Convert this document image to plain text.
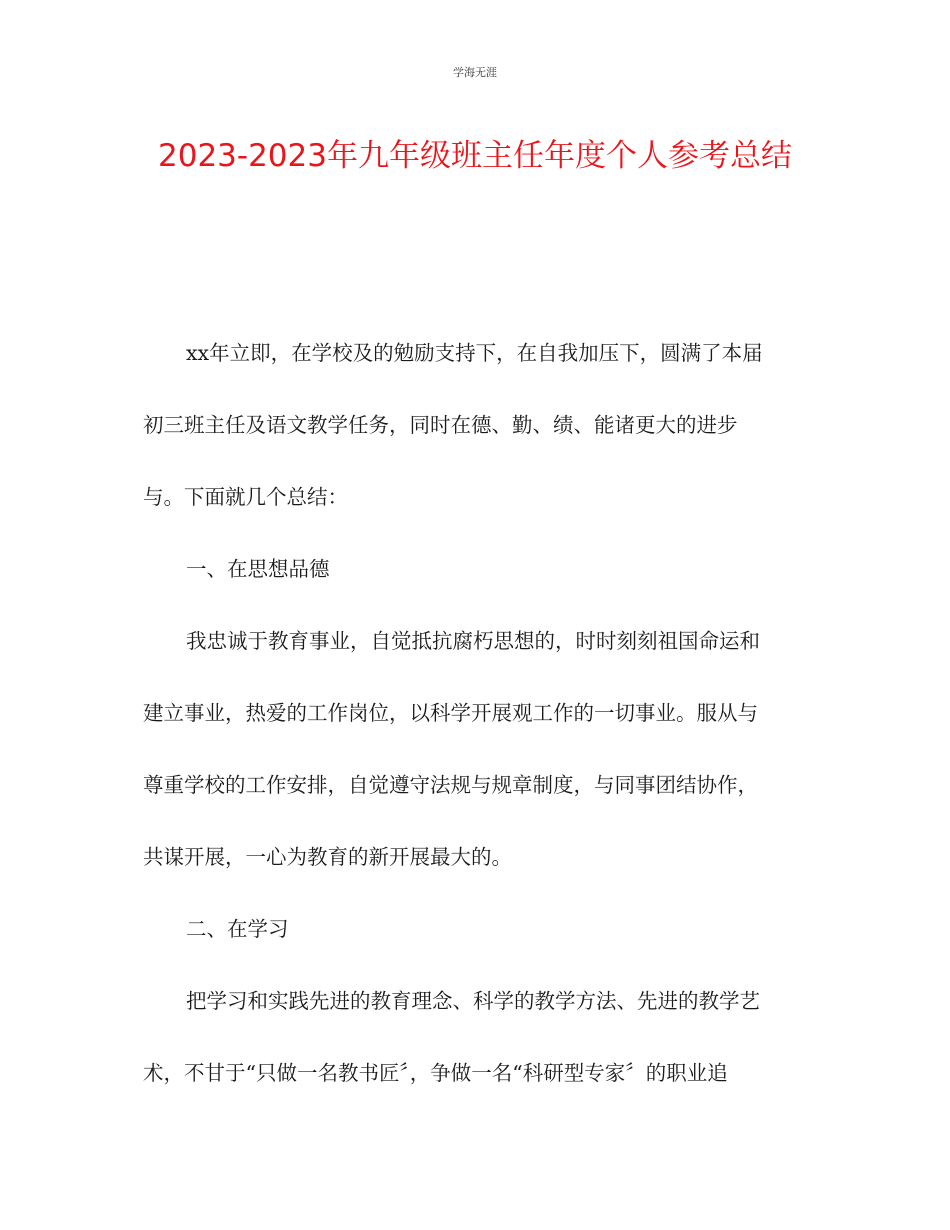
学海无涯
2023-2023年九年级班主任年度个人参考总结
xx年立即，在学校及的勉励支持下，在自我加压下，圆满了本届
初三班主任及语文教学任务，同时在德、勤、绩、能诸更大的进步
与。下面就几个总结：
一、在思想品德
我忠诚于教育事业，自觉抵抗腐朽思想的，时时刻刻祖国命运和
建立事业，热爱的工作岗位，以科学开展观工作的一切事业。服从与
尊重学校的工作安排，自觉遵守法规与规章制度，与同事团结协作，
共谋开展，一心为教育的新开展最大的。
二、在学习
把学习和实践先进的教育理念、科学的教学方法、先进的教学艺
术，不甘于“只做一名教书匠〞，争做一名“科研型专家〞的职业追
